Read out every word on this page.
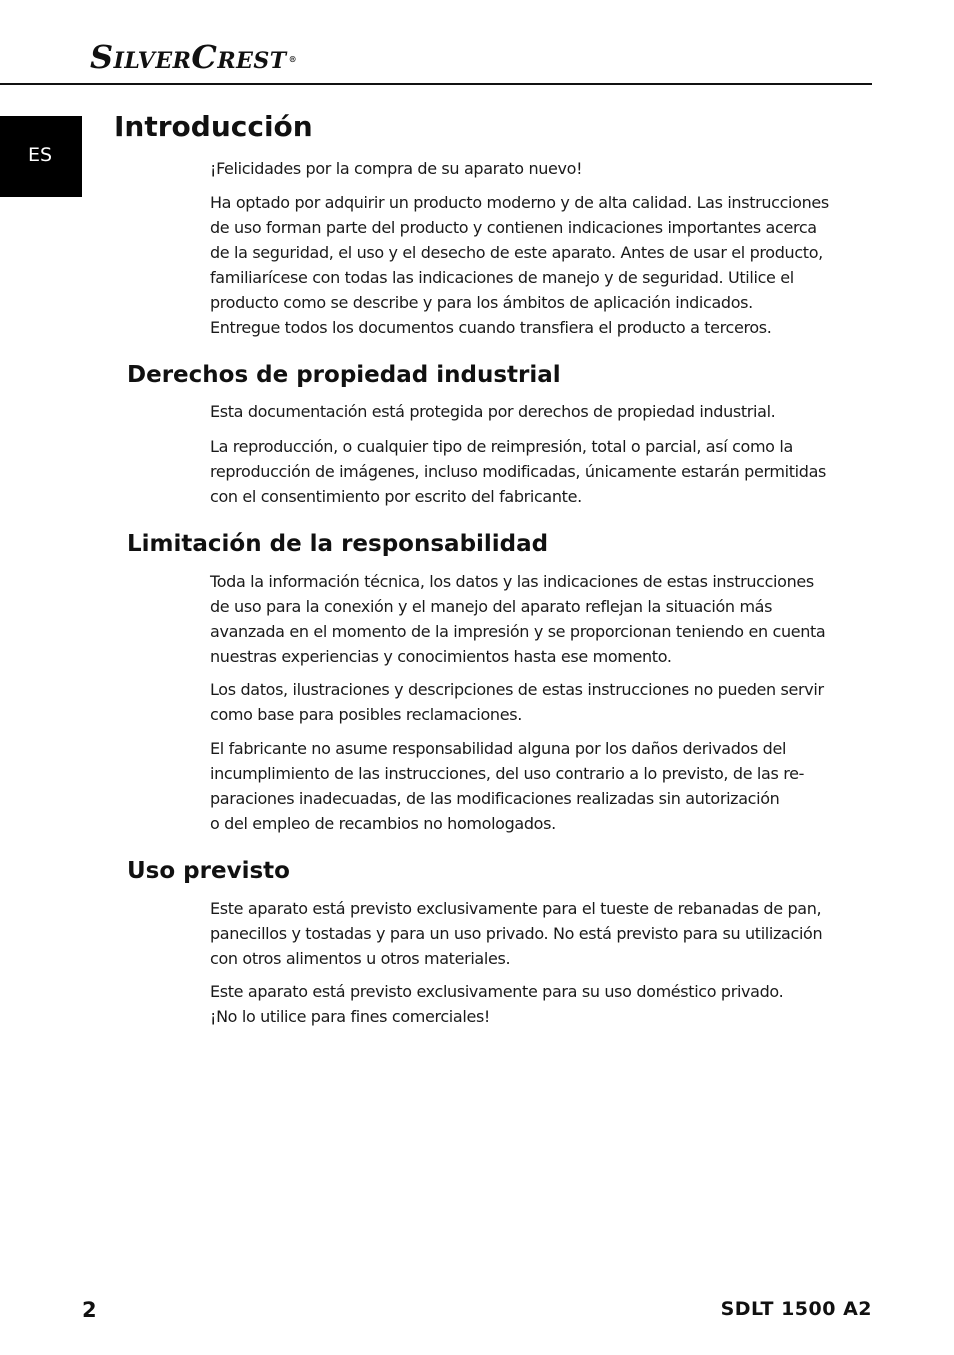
SILVERCREST ®
ES
Introducción
¡Felicidades por la compra de su aparato nuevo!
Ha optado por adquirir un producto moderno y de alta calidad. Las instrucciones
de uso forman parte del producto y contienen indicaciones importantes acerca
de la seguridad, el uso y el desecho de este aparato. Antes de usar el producto,
familiarícese con todas las indicaciones de manejo y de seguridad. Utilice el
producto como se describe y para los ámbitos de aplicación indicados.
Entregue todos los documentos cuando transfiera el producto a terceros.
Derechos de propiedad industrial
Esta documentación está protegida por derechos de propiedad industrial.
La reproducción, o cualquier tipo de reimpresión, total o parcial, así como la
reproducción de imágenes, incluso modificadas, únicamente estarán permitidas
con el consentimiento por escrito del fabricante.
Limitación de la responsabilidad
Toda la información técnica, los datos y las indicaciones de estas instrucciones
de uso para la conexión y el manejo del aparato reflejan la situación más
avanzada en el momento de la impresión y se proporcionan teniendo en cuenta
nuestras experiencias y conocimientos hasta ese momento.
Los datos, ilustraciones y descripciones de estas instrucciones no pueden servir
como base para posibles reclamaciones.
El fabricante no asume responsabilidad alguna por los daños derivados del
incumplimiento de las instrucciones, del uso contrario a lo previsto, de las re-
paraciones inadecuadas, de las modificaciones realizadas sin autorización
o del empleo de recambios no homologados.
Uso previsto
Este aparato está previsto exclusivamente para el tueste de rebanadas de pan,
panecillos y tostadas y para un uso privado. No está previsto para su utilización
con otros alimentos u otros materiales.
Este aparato está previsto exclusivamente para su uso doméstico privado.
¡No lo utilice para fines comerciales!
2	SDLT 1500 A2
